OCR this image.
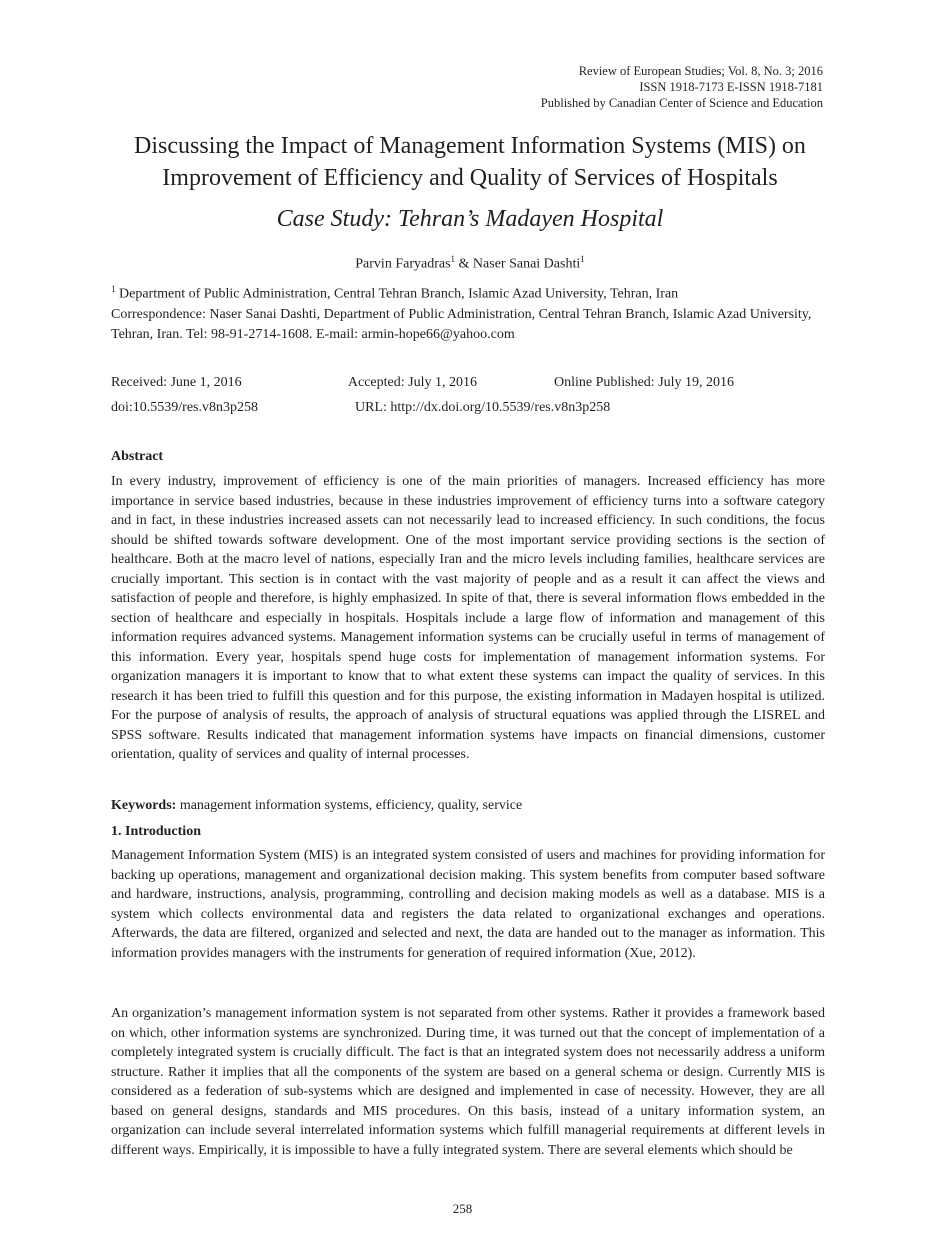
Review of European Studies; Vol. 8, No. 3; 2016
ISSN 1918-7173 E-ISSN 1918-7181
Published by Canadian Center of Science and Education
Discussing the Impact of Management Information Systems (MIS) on
Improvement of Efficiency and Quality of Services of Hospitals
Case Study: Tehran’s Madayen Hospital
Parvin Faryadras$^1$ & Naser Sanai Dashti$^1$
$^1$ Department of Public Administration, Central Tehran Branch, Islamic Azad University, Tehran, Iran
Correspondence: Naser Sanai Dashti, Department of Public Administration, Central Tehran Branch, Islamic Azad University, Tehran, Iran. Tel: 98-91-2714-1608. E-mail: armin-hope66@yahoo.com
Received: June 1, 2016	Accepted: July 1, 2016	Online Published: July 19, 2016
doi:10.5539/res.v8n3p258	URL: http://dx.doi.org/10.5539/res.v8n3p258
Abstract
In every industry, improvement of efficiency is one of the main priorities of managers. Increased efficiency has more importance in service based industries, because in these industries improvement of efficiency turns into a software category and in fact, in these industries increased assets can not necessarily lead to increased efficiency. In such conditions, the focus should be shifted towards software development. One of the most important service providing sections is the section of healthcare. Both at the macro level of nations, especially Iran and the micro levels including families, healthcare services are crucially important. This section is in contact with the vast majority of people and as a result it can affect the views and satisfaction of people and therefore, is highly emphasized. In spite of that, there is several information flows embedded in the section of healthcare and especially in hospitals. Hospitals include a large flow of information and management of this information requires advanced systems. Management information systems can be crucially useful in terms of management of this information. Every year, hospitals spend huge costs for implementation of management information systems. For organization managers it is important to know that to what extent these systems can impact the quality of services. In this research it has been tried to fulfill this question and for this purpose, the existing information in Madayen hospital is utilized. For the purpose of analysis of results, the approach of analysis of structural equations was applied through the LISREL and SPSS software. Results indicated that management information systems have impacts on financial dimensions, customer orientation, quality of services and quality of internal processes.
Keywords: management information systems, efficiency, quality, service
1. Introduction
Management Information System (MIS) is an integrated system consisted of users and machines for providing information for backing up operations, management and organizational decision making. This system benefits from computer based software and hardware, instructions, analysis, programming, controlling and decision making models as well as a database. MIS is a system which collects environmental data and registers the data related to organizational exchanges and operations. Afterwards, the data are filtered, organized and selected and next, the data are handed out to the manager as information. This information provides managers with the instruments for generation of required information (Xue, 2012).
An organization’s management information system is not separated from other systems. Rather it provides a framework based on which, other information systems are synchronized. During time, it was turned out that the concept of implementation of a completely integrated system is crucially difficult. The fact is that an integrated system does not necessarily address a uniform structure. Rather it implies that all the components of the system are based on a general schema or design. Currently MIS is considered as a federation of sub-systems which are designed and implemented in case of necessity. However, they are all based on general designs, standards and MIS procedures. On this basis, instead of a unitary information system, an organization can include several interrelated information systems which fulfill managerial requirements at different levels in different ways. Empirically, it is impossible to have a fully integrated system. There are several elements which should be
258
